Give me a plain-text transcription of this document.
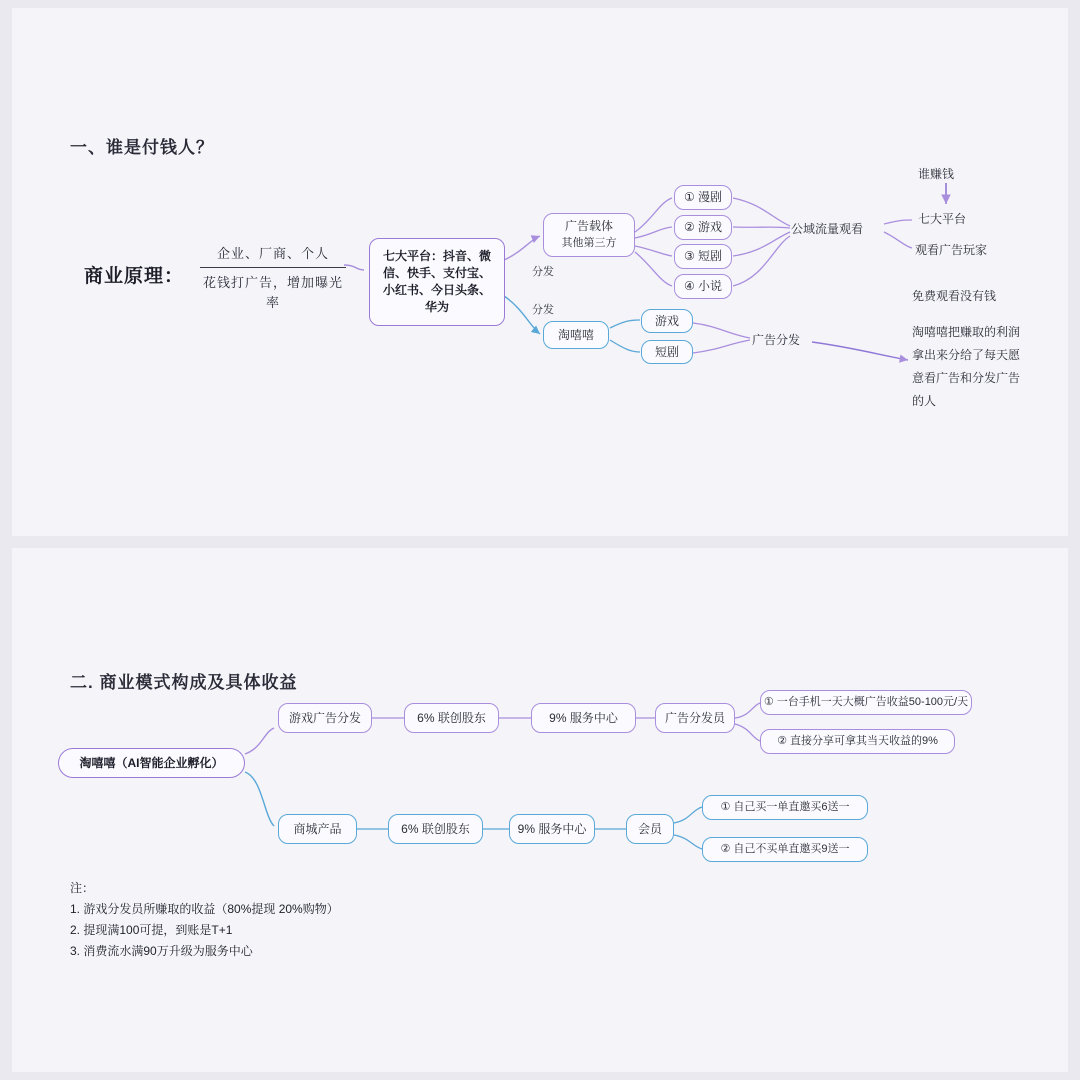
一、谁是付钱人？
商业原理：
企业、厂商、个人
花钱打广告，增加曝光率
七大平台：抖音、微信、快手、支付宝、小红书、今日头条、华为
分发
分发
广告载体
其他第三方
① 漫剧
② 游戏
③ 短剧
④ 小说
公域流量观看
谁赚钱
七大平台
观看广告玩家
免费观看没有钱
淘嘻嘻把赚取的利润拿出来分给了每天愿意看广告和分发广告的人
淘嘻嘻
游戏
短剧
广告分发
二. 商业模式构成及具体收益
淘嘻嘻（AI智能企业孵化）
游戏广告分发	6% 联创股东	9% 服务中心	广告分发员
① 一台手机一天大概广告收益50-100元/天
② 直接分享可拿其当天收益的9%
商城产品	6% 联创股东	9% 服务中心	会员
① 自己买一单直邀买6送一
② 自己不买单直邀买9送一
注：
1. 游戏分发员所赚取的收益（80%提现 20%购物）
2. 提现满100可提，到账是T+1
3. 消费流水满90万升级为服务中心
